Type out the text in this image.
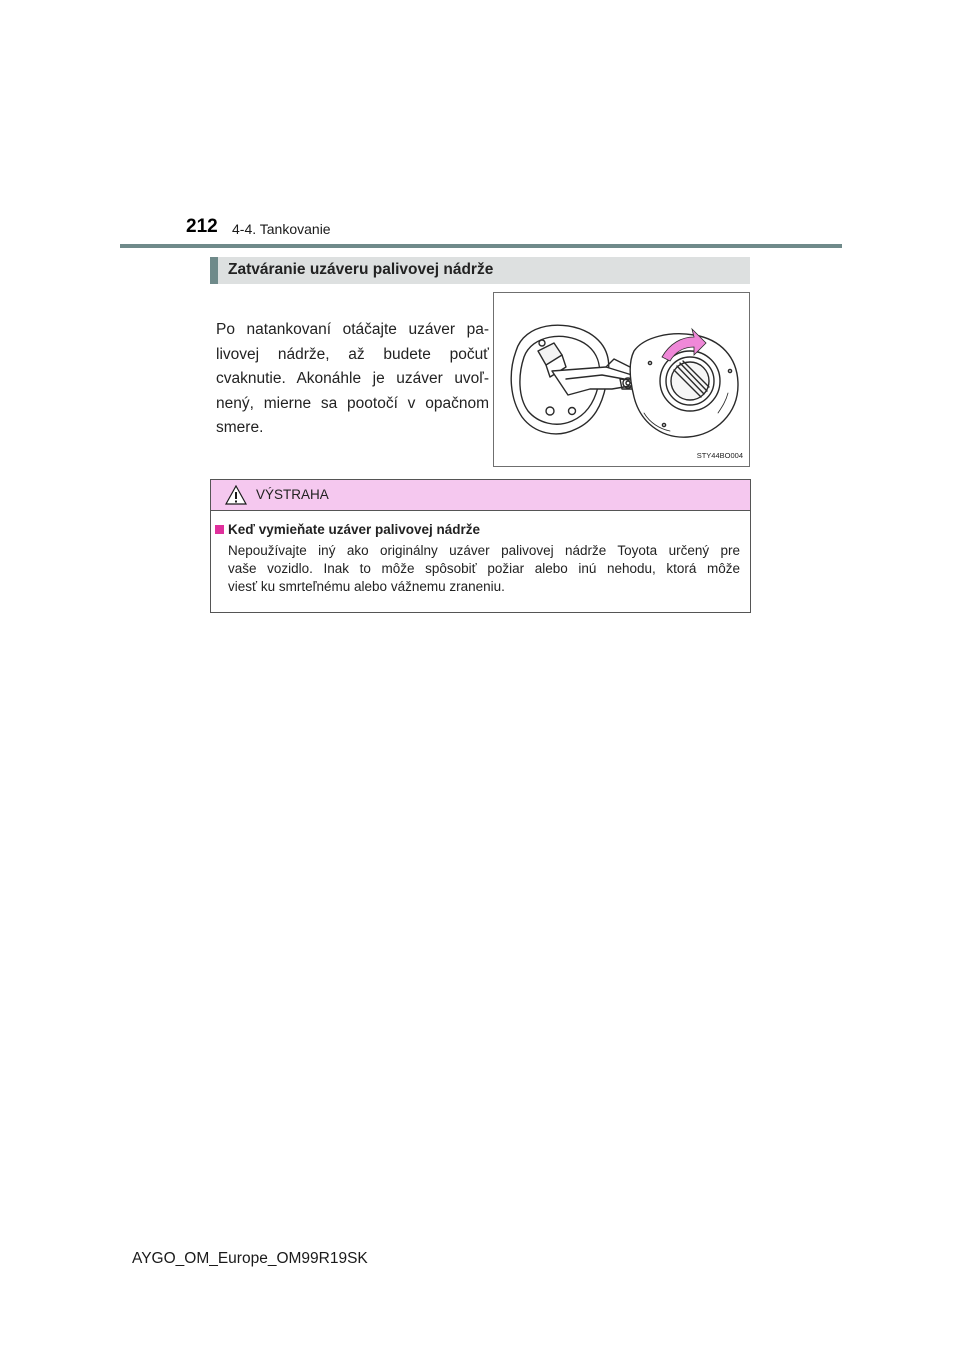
212 4-4. Tankovanie
Zatváranie uzáveru palivovej nádrže
Po natankovaní otáčajte uzáver pa-
livovej nádrže, až budete počuť
cvaknutie. Akonáhle je uzáver uvoľ-
nený, mierne sa pootočí v opačnom
smere.
STY44BO004
VÝSTRAHA
Keď vymieňate uzáver palivovej nádrže
Nepoužívajte iný ako originálny uzáver palivovej nádrže Toyota určený pre
vaše vozidlo. Inak to môže spôsobiť požiar alebo inú nehodu, ktorá môže
viesť ku smrteľnému alebo vážnemu zraneniu.
AYGO_OM_Europe_OM99R19SK
